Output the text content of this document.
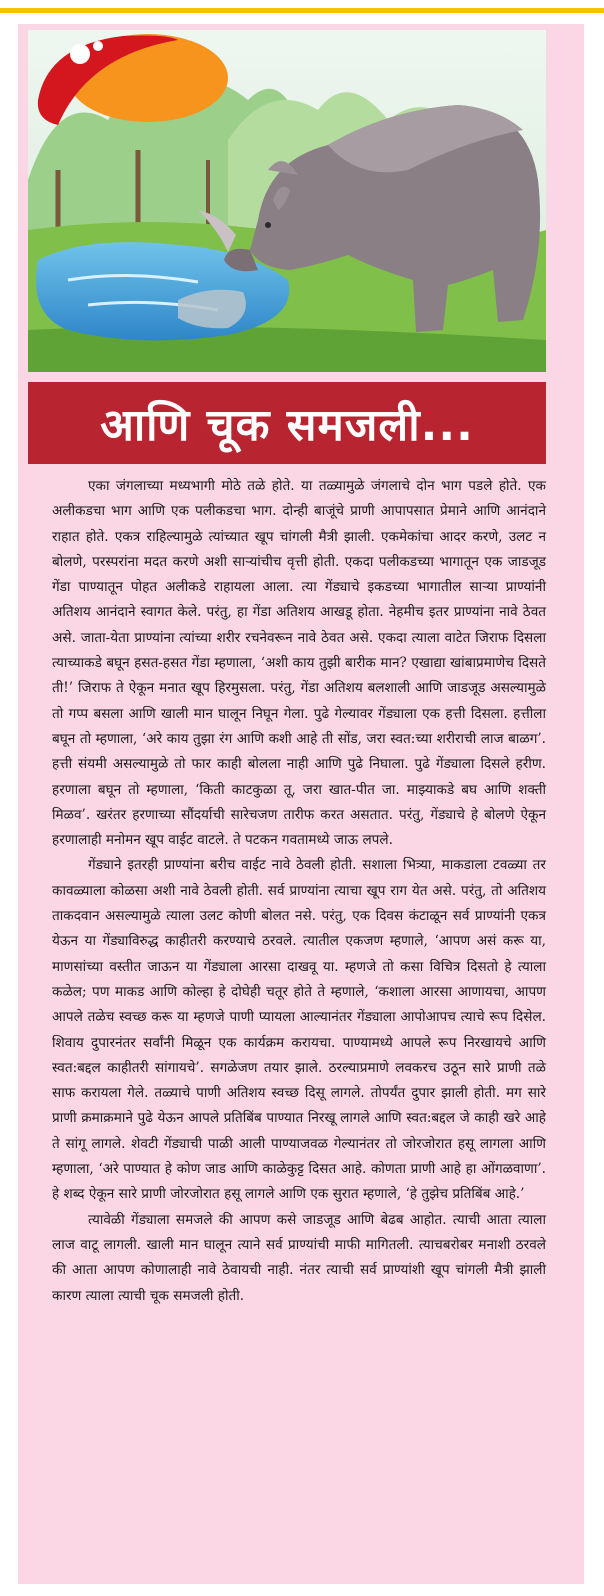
आणि चूक समजली...

एका जंगलाच्या मध्यभागी मोठे तळे होते. या तळ्यामुळे जंगलाचे दोन भाग पडले होते. एक अलीकडचा भाग आणि एक पलीकडचा भाग. दोन्ही बाजूंचे प्राणी आपापसात प्रेमाने आणि आनंदाने राहात होते. एकत्र राहिल्यामुळे त्यांच्यात खूप चांगली मैत्री झाली. एकमेकांचा आदर करणे, उलट न बोलणे, परस्परांना मदत करणे अशी साऱ्यांचीच वृत्ती होती. एकदा पलीकडच्या भागातून एक जाडजूड गेंडा पाण्यातून पोहत अलीकडे राहायला आला. त्या गेंड्याचे इकडच्या भागातील साऱ्या प्राण्यांनी अतिशय आनंदाने स्वागत केले. परंतु, हा गेंडा अतिशय आखडू होता. नेहमीच इतर प्राण्यांना नावे ठेवत असे. जाता-येता प्राण्यांना त्यांच्या शरीर रचनेवरून नावे ठेवत असे. एकदा त्याला वाटेत जिराफ दिसला त्याच्याकडे बघून हसत-हसत गेंडा म्हणाला, ‘अशी काय तुझी बारीक मान? एखाद्या खांबाप्रमाणेच दिसते ती!’ जिराफ ते ऐकून मनात खूप हिरमुसला. परंतु, गेंडा अतिशय बलशाली आणि जाडजूड असल्यामुळे तो गप्प बसला आणि खाली मान घालून निघून गेला. पुढे गेल्यावर गेंड्याला एक हत्ती दिसला. हत्तीला बघून तो म्हणाला, ‘अरे काय तुझा रंग आणि कशी आहे ती सोंड, जरा स्वत:च्या शरीराची लाज बाळग’. हत्ती संयमी असल्यामुळे तो फार काही बोलला नाही आणि पुढे निघाला. पुढे गेंड्याला दिसले हरीण. हरणाला बघून तो म्हणाला, ‘किती काटकुळा तू, जरा खात-पीत जा. माझ्याकडे बघ आणि शक्ती मिळव’. खरंतर हरणाच्या सौंदर्याची सारेचजण तारीफ करत असतात. परंतु, गेंड्याचे हे बोलणे ऐकून हरणालाही मनोमन खूप वाईट वाटले. ते पटकन गवतामध्ये जाऊ लपले.

गेंड्याने इतरही प्राण्यांना बरीच वाईट नावे ठेवली होती. सशाला भित्र्या, माकडाला टवळ्या तर कावळ्याला कोळसा अशी नावे ठेवली होती. सर्व प्राण्यांना त्याचा खूप राग येत असे. परंतु, तो अतिशय ताकदवान असल्यामुळे त्याला उलट कोणी बोलत नसे. परंतु, एक दिवस कंटाळून सर्व प्राण्यांनी एकत्र येऊन या गेंड्याविरुद्ध काहीतरी करण्याचे ठरवले. त्यातील एकजण म्हणाले, ‘आपण असं करू या, माणसांच्या वस्तीत जाऊन या गेंड्याला आरसा दाखवू या. म्हणजे तो कसा विचित्र दिसतो हे त्याला कळेल; पण माकड आणि कोल्हा हे दोघेही चतूर होते ते म्हणाले, ‘कशाला आरसा आणायचा, आपण आपले तळेच स्वच्छ करू या म्हणजे पाणी प्यायला आल्यानंतर गेंड्याला आपोआपच त्याचे रूप दिसेल. शिवाय दुपारनंतर सर्वांनी मिळून एक कार्यक्रम करायचा. पाण्यामध्ये आपले रूप निरखायचे आणि स्वत:बद्दल काहीतरी सांगायचे’. सगळेजण तयार झाले. ठरल्याप्रमाणे लवकरच उठून सारे प्राणी तळे साफ करायला गेले. तळ्याचे पाणी अतिशय स्वच्छ दिसू लागले. तोपर्यंत दुपार झाली होती. मग सारे प्राणी क्रमाक्रमाने पुढे येऊन आपले प्रतिबिंब पाण्यात निरखू लागले आणि स्वत:बद्दल जे काही खरे आहे ते सांगू लागले. शेवटी गेंड्याची पाळी आली पाण्याजवळ गेल्यानंतर तो जोरजोरात हसू लागला आणि म्हणाला, ‘अरे पाण्यात हे कोण जाड आणि काळेकुट्ट दिसत आहे. कोणता प्राणी आहे हा ओंगळवाणा’. हे शब्द ऐकून सारे प्राणी जोरजोरात हसू लागले आणि एक सुरात म्हणाले, ‘हे तुझेच प्रतिबिंब आहे.’

त्यावेळी गेंड्याला समजले की आपण कसे जाडजूड आणि बेढब आहोत. त्याची आता त्याला लाज वाटू लागली. खाली मान घालून त्याने सर्व प्राण्यांची माफी मागितली. त्याचबरोबर मनाशी ठरवले की आता आपण कोणालाही नावे ठेवायची नाही. नंतर त्याची सर्व प्राण्यांशी खूप चांगली मैत्री झाली कारण त्याला त्याची चूक समजली होती.
